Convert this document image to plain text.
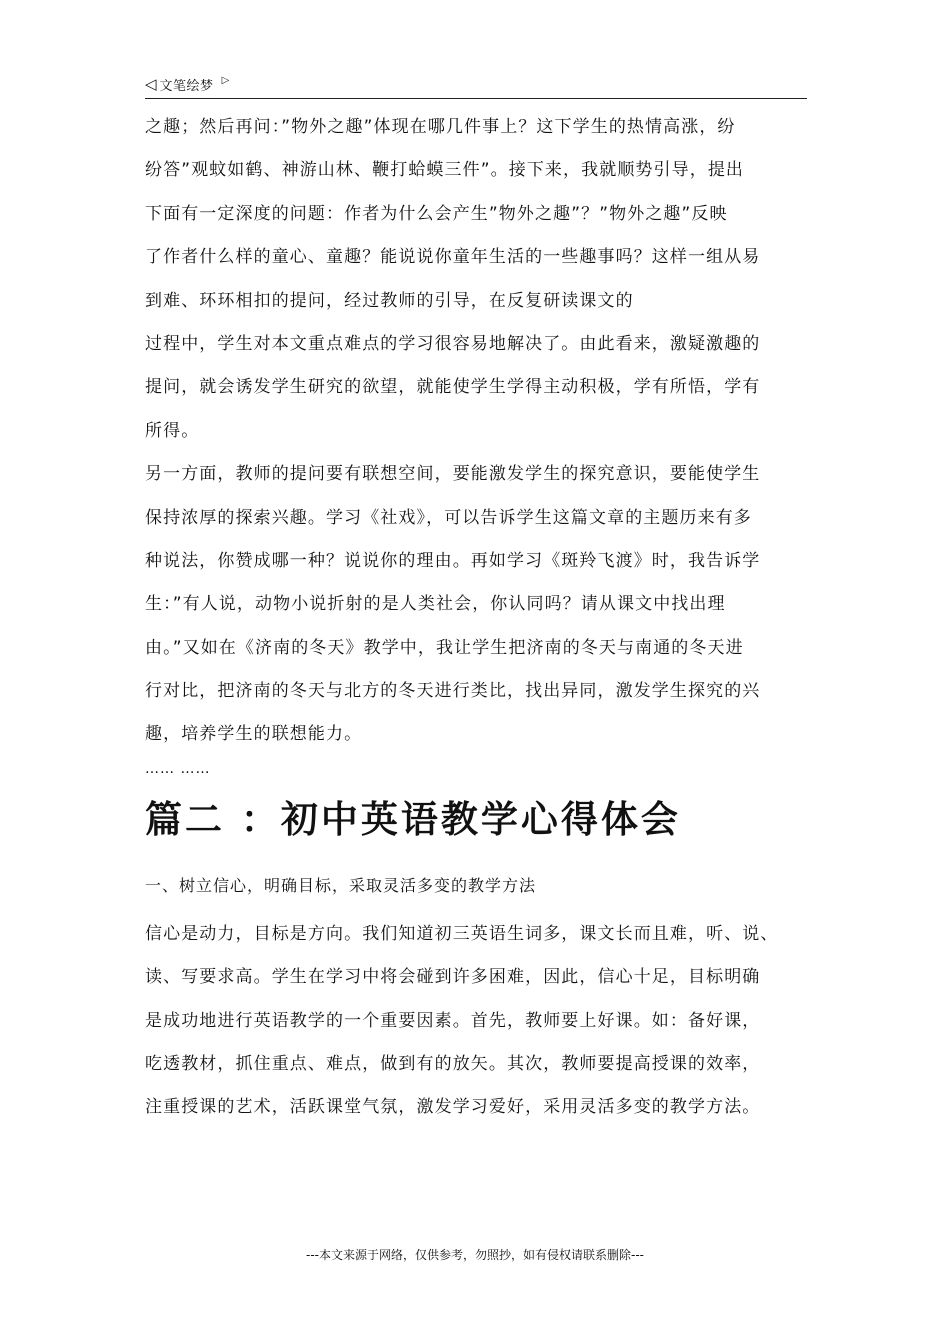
◁ 文笔绘梦 ▷
之趣；然后再问：”物外之趣”体现在哪几件事上？这下学生的热情高涨，纷
纷答”观蚊如鹤、神游山林、鞭打蛤蟆三件”。接下来，我就顺势引导，提出
下面有一定深度的问题：作者为什么会产生”物外之趣”？”物外之趣”反映
了作者什么样的童心、童趣？能说说你童年生活的一些趣事吗？这样一组从易
到难、环环相扣的提问，经过教师的引导，在反复研读课文的
过程中，学生对本文重点难点的学习很容易地解决了。由此看来，激疑激趣的
提问，就会诱发学生研究的欲望，就能使学生学得主动积极，学有所悟，学有
所得。
另一方面，教师的提问要有联想空间，要能激发学生的探究意识，要能使学生
保持浓厚的探索兴趣。学习《社戏》，可以告诉学生这篇文章的主题历来有多
种说法，你赞成哪一种？说说你的理由。再如学习《斑羚飞渡》时，我告诉学
生：”有人说，动物小说折射的是人类社会，你认同吗？请从课文中找出理
由。”又如在《济南的冬天》教学中，我让学生把济南的冬天与南通的冬天进
行对比，把济南的冬天与北方的冬天进行类比，找出异同，激发学生探究的兴
趣，培养学生的联想能力。
…… ……
篇二 ：初中英语教学心得体会
一、树立信心，明确目标，采取灵活多变的教学方法
信心是动力，目标是方向。我们知道初三英语生词多，课文长而且难，听、说、
读、写要求高。学生在学习中将会碰到许多困难，因此，信心十足，目标明确
是成功地进行英语教学的一个重要因素。首先，教师要上好课。如：备好课，
吃透教材，抓住重点、难点，做到有的放矢。其次，教师要提高授课的效率，
注重授课的艺术，活跃课堂气氛，激发学习爱好，采用灵活多变的教学方法。
---本文来源于网络，仅供参考，勿照抄，如有侵权请联系删除---
